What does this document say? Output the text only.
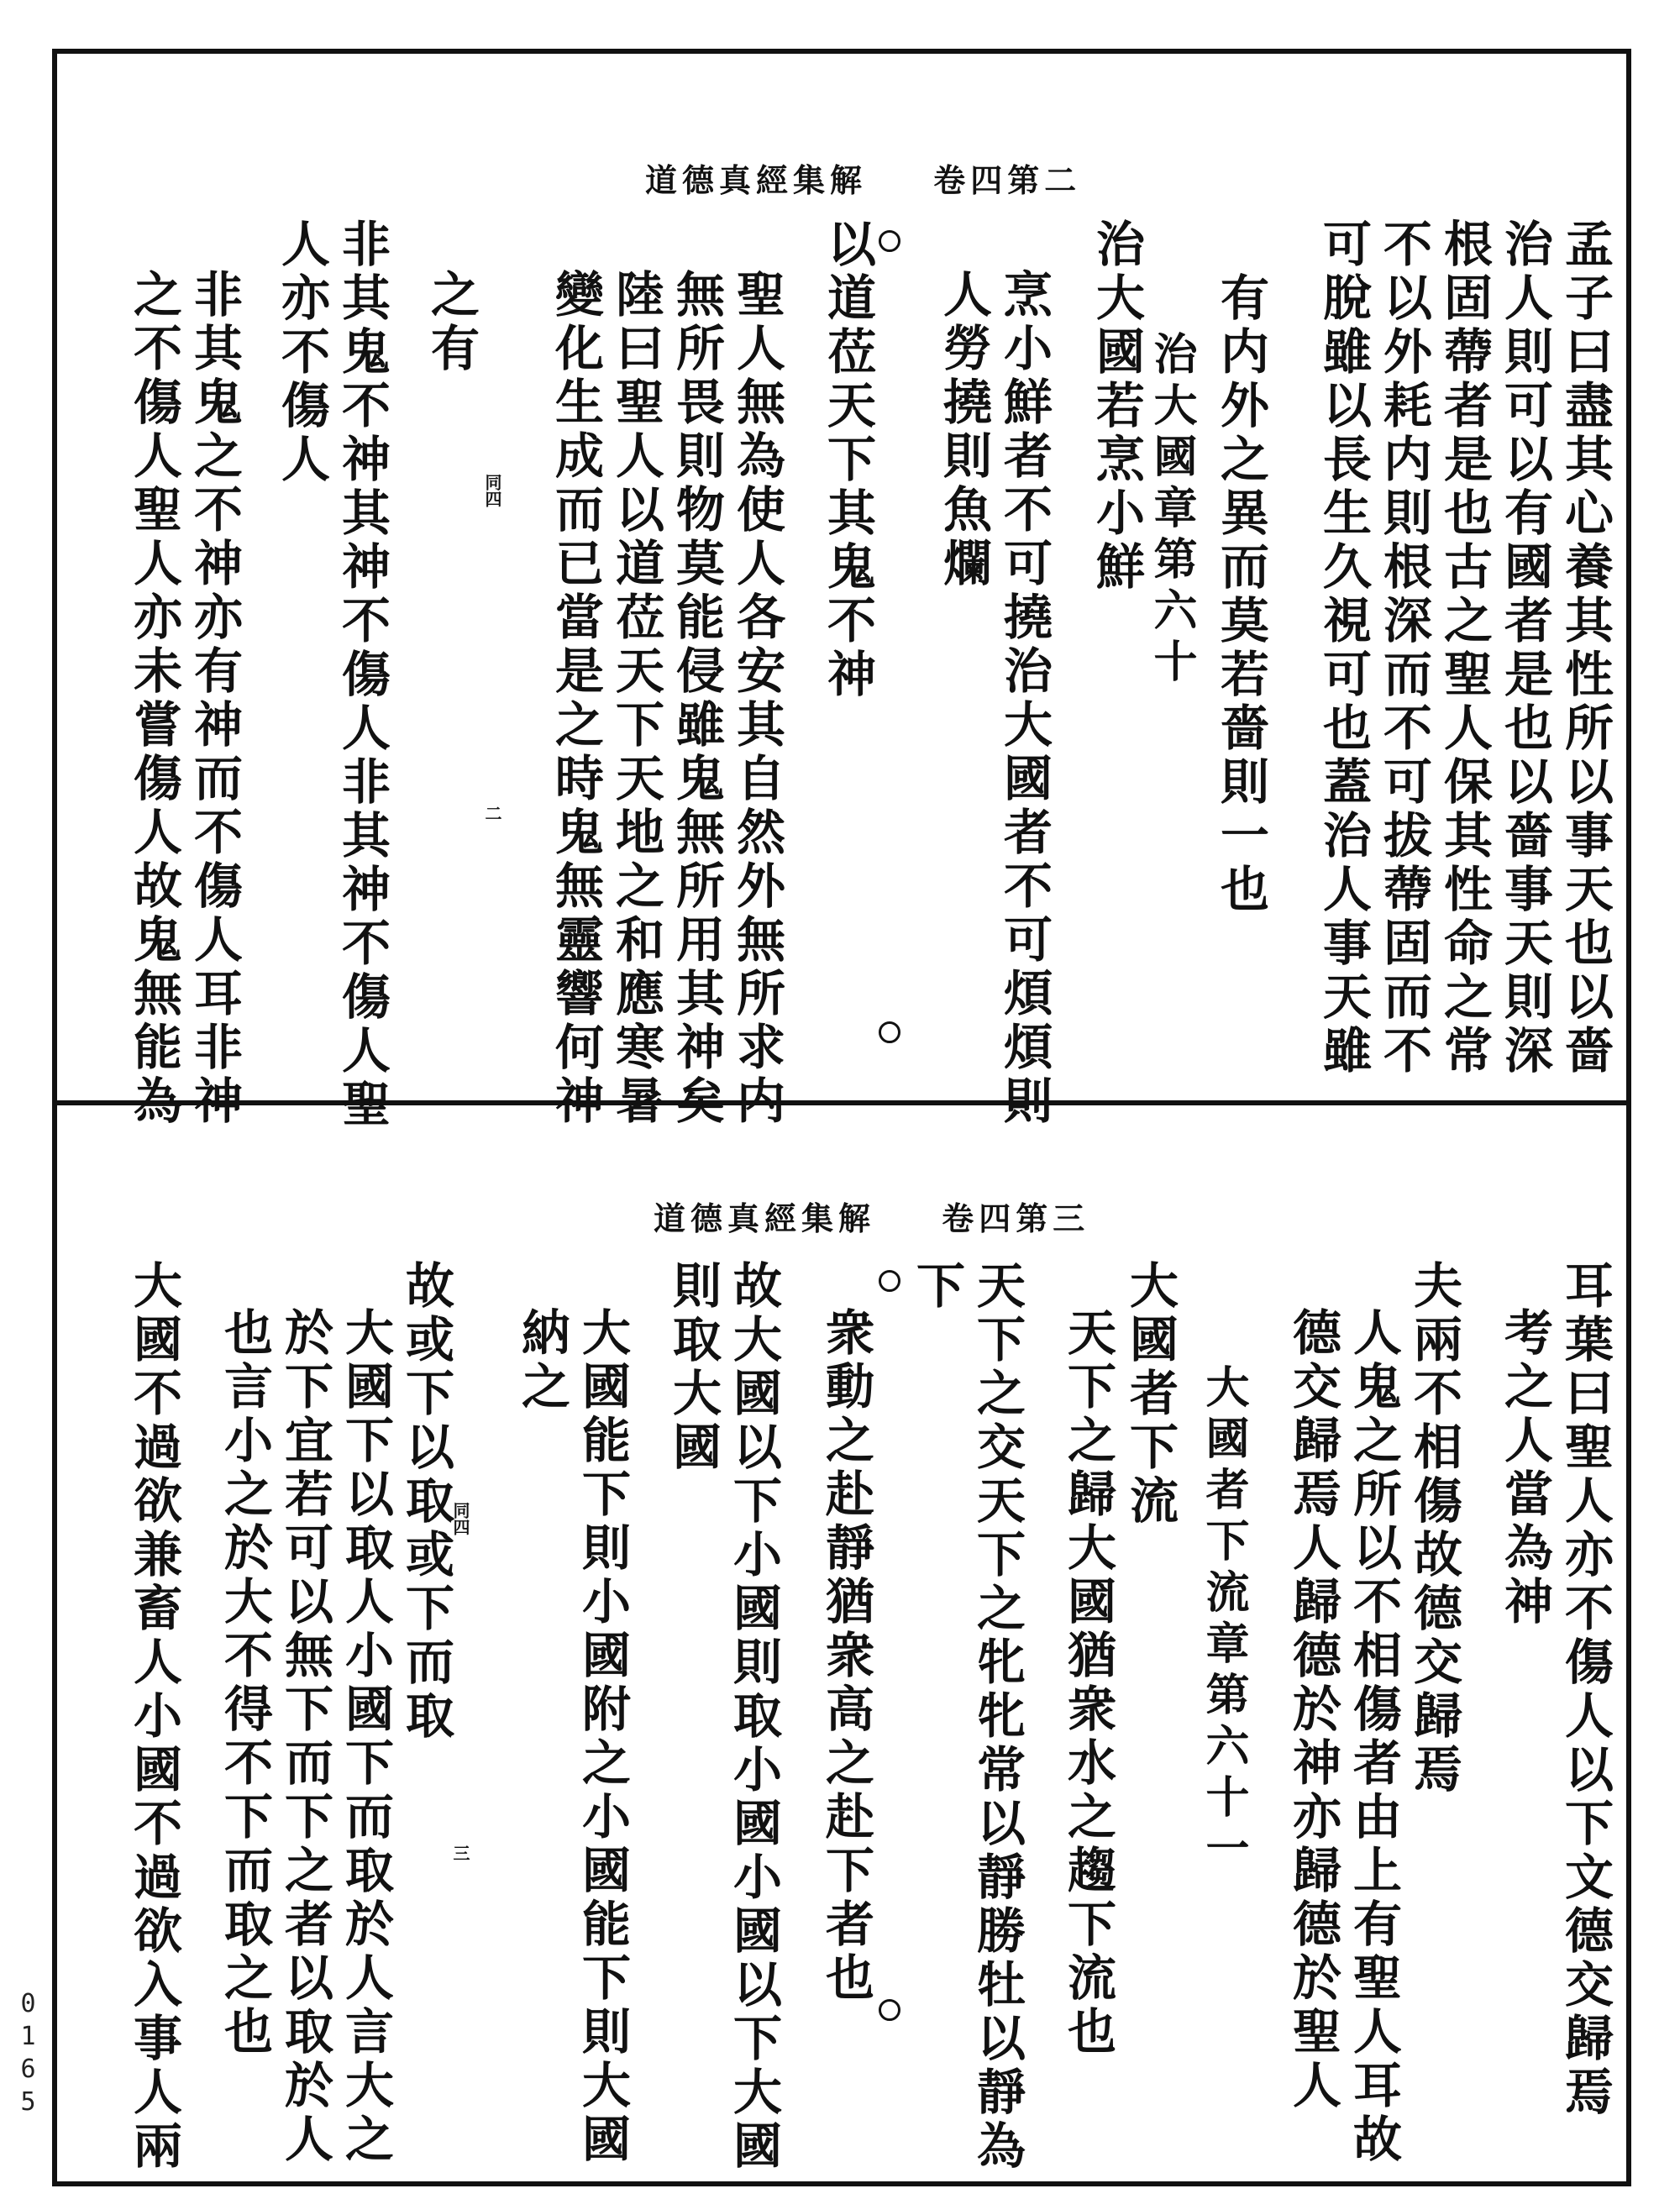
道德真經集解 卷四第二
孟子曰盡其心養其性所以事天也以嗇
治人則可以有國者是也以嗇事天則深
根固蔕者是也古之聖人保其性命之常
不以外耗内則根深而不可拔蔕固而不
可脫雖以長生久視可也蓋治人事天雖
有内外之異而莫若嗇則一也
治大國章第六十
治大國若烹小鮮
烹小鮮者不可撓治大國者不可煩煩則
人勞撓則魚爛
以道莅天下其鬼不神
聖人無為使人各安其自然外無所求内
無所畏則物莫能侵雖鬼無所用其神矣
陸曰聖人以道莅天下天地之和應寒暑
變化生成而已當是之時鬼無靈響何神
之有
非其鬼不神其神不傷人非其神不傷人聖
人亦不傷人
非其鬼之不神亦有神而不傷人耳非神
之不傷人聖人亦未嘗傷人故鬼無能為	同四
二
道德真經集解 卷四第三
耳葉曰聖人亦不傷人以下文德交歸焉
考之人當為神
夫兩不相傷故德交歸焉
人鬼之所以不相傷者由上有聖人耳故
德交歸焉人歸德於神亦歸德於聖人
大國者下流章第六十一
大國者下流
天下之歸大國猶衆水之趨下流也
天下之交天下之牝牝常以靜勝牡以靜為
下
衆動之赴靜猶衆高之赴下者也
故大國以下小國則取小國小國以下大國
則取大國
大國能下則小國附之小國能下則大國
納之
故或下以取或下而取
大國下以取人小國下而取於人言大之
於下宜若可以無下而下之者以取於人
也言小之於大不得不下而取之也
大國不過欲兼畜人小國不過欲入事人兩	同四
三
0165
